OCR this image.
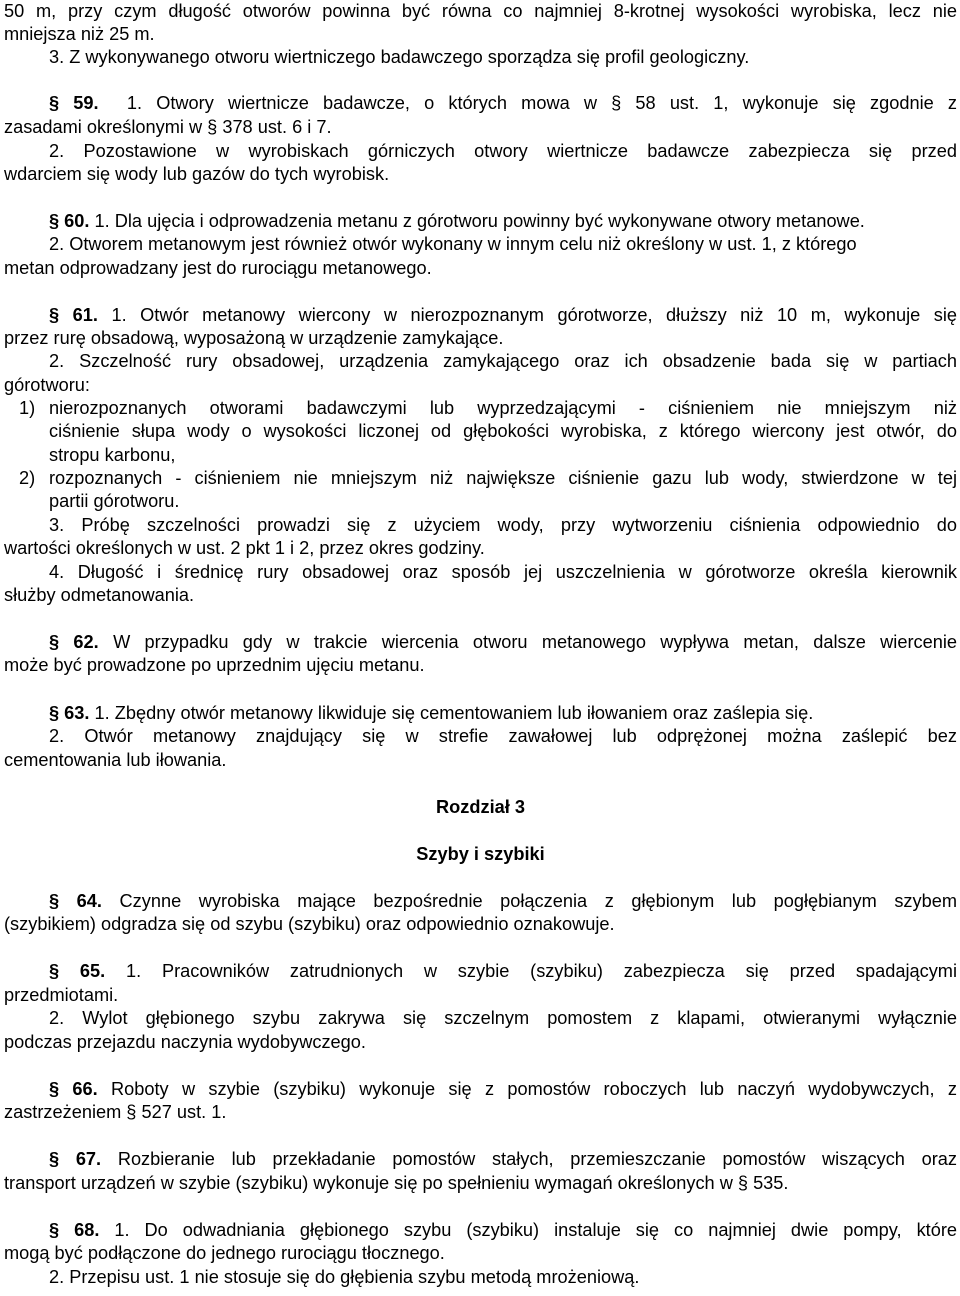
50 m, przy czym długość otworów powinna być równa co najmniej 8-krotnej wysokości wyrobiska, lecz nie
mniejsza niż 25 m.
3. Z wykonywanego otworu wiertniczego badawczego sporządza się profil geologiczny.
§ 59. 1. Otwory wiertnicze badawcze, o których mowa w § 58 ust. 1, wykonuje się zgodnie z
zasadami określonymi w § 378 ust. 6 i 7.
2. Pozostawione w wyrobiskach górniczych otwory wiertnicze badawcze zabezpiecza się przed
wdarciem się wody lub gazów do tych wyrobisk.
§ 60. 1. Dla ujęcia i odprowadzenia metanu z górotworu powinny być wykonywane otwory metanowe.
2. Otworem metanowym jest również otwór wykonany w innym celu niż określony w ust. 1, z którego
metan odprowadzany jest do rurociągu metanowego.
§ 61. 1. Otwór metanowy wiercony w nierozpoznanym górotworze, dłuższy niż 10 m, wykonuje się
przez rurę obsadową, wyposażoną w urządzenie zamykające.
2. Szczelność rury obsadowej, urządzenia zamykającego oraz ich obsadzenie bada się w partiach
górotworu:
1) nierozpoznanych otworami badawczymi lub wyprzedzającymi - ciśnieniem nie mniejszym niż
ciśnienie słupa wody o wysokości liczonej od głębokości wyrobiska, z którego wiercony jest otwór, do
stropu karbonu,
2) rozpoznanych - ciśnieniem nie mniejszym niż największe ciśnienie gazu lub wody, stwierdzone w tej
partii górotworu.
3. Próbę szczelności prowadzi się z użyciem wody, przy wytworzeniu ciśnienia odpowiednio do
wartości określonych w ust. 2 pkt 1 i 2, przez okres godziny.
4. Długość i średnicę rury obsadowej oraz sposób jej uszczelnienia w górotworze określa kierownik
służby odmetanowania.
§ 62. W przypadku gdy w trakcie wiercenia otworu metanowego wypływa metan, dalsze wiercenie
może być prowadzone po uprzednim ujęciu metanu.
§ 63. 1. Zbędny otwór metanowy likwiduje się cementowaniem lub iłowaniem oraz zaślepia się.
2. Otwór metanowy znajdujący się w strefie zawałowej lub odprężonej można zaślepić bez
cementowania lub iłowania.
Rozdział 3
Szyby i szybiki
§ 64. Czynne wyrobiska mające bezpośrednie połączenia z głębionym lub pogłębianym szybem
(szybikiem) odgradza się od szybu (szybiku) oraz odpowiednio oznakowuje.
§ 65. 1. Pracowników zatrudnionych w szybie (szybiku) zabezpiecza się przed spadającymi
przedmiotami.
2. Wylot głębionego szybu zakrywa się szczelnym pomostem z klapami, otwieranymi wyłącznie
podczas przejazdu naczynia wydobywczego.
§ 66. Roboty w szybie (szybiku) wykonuje się z pomostów roboczych lub naczyń wydobywczych, z
zastrzeżeniem § 527 ust. 1.
§ 67. Rozbieranie lub przekładanie pomostów stałych, przemieszczanie pomostów wiszących oraz
transport urządzeń w szybie (szybiku) wykonuje się po spełnieniu wymagań określonych w § 535.
§ 68. 1. Do odwadniania głębionego szybu (szybiku) instaluje się co najmniej dwie pompy, które
mogą być podłączone do jednego rurociągu tłocznego.
2. Przepisu ust. 1 nie stosuje się do głębienia szybu metodą mrożeniową.
